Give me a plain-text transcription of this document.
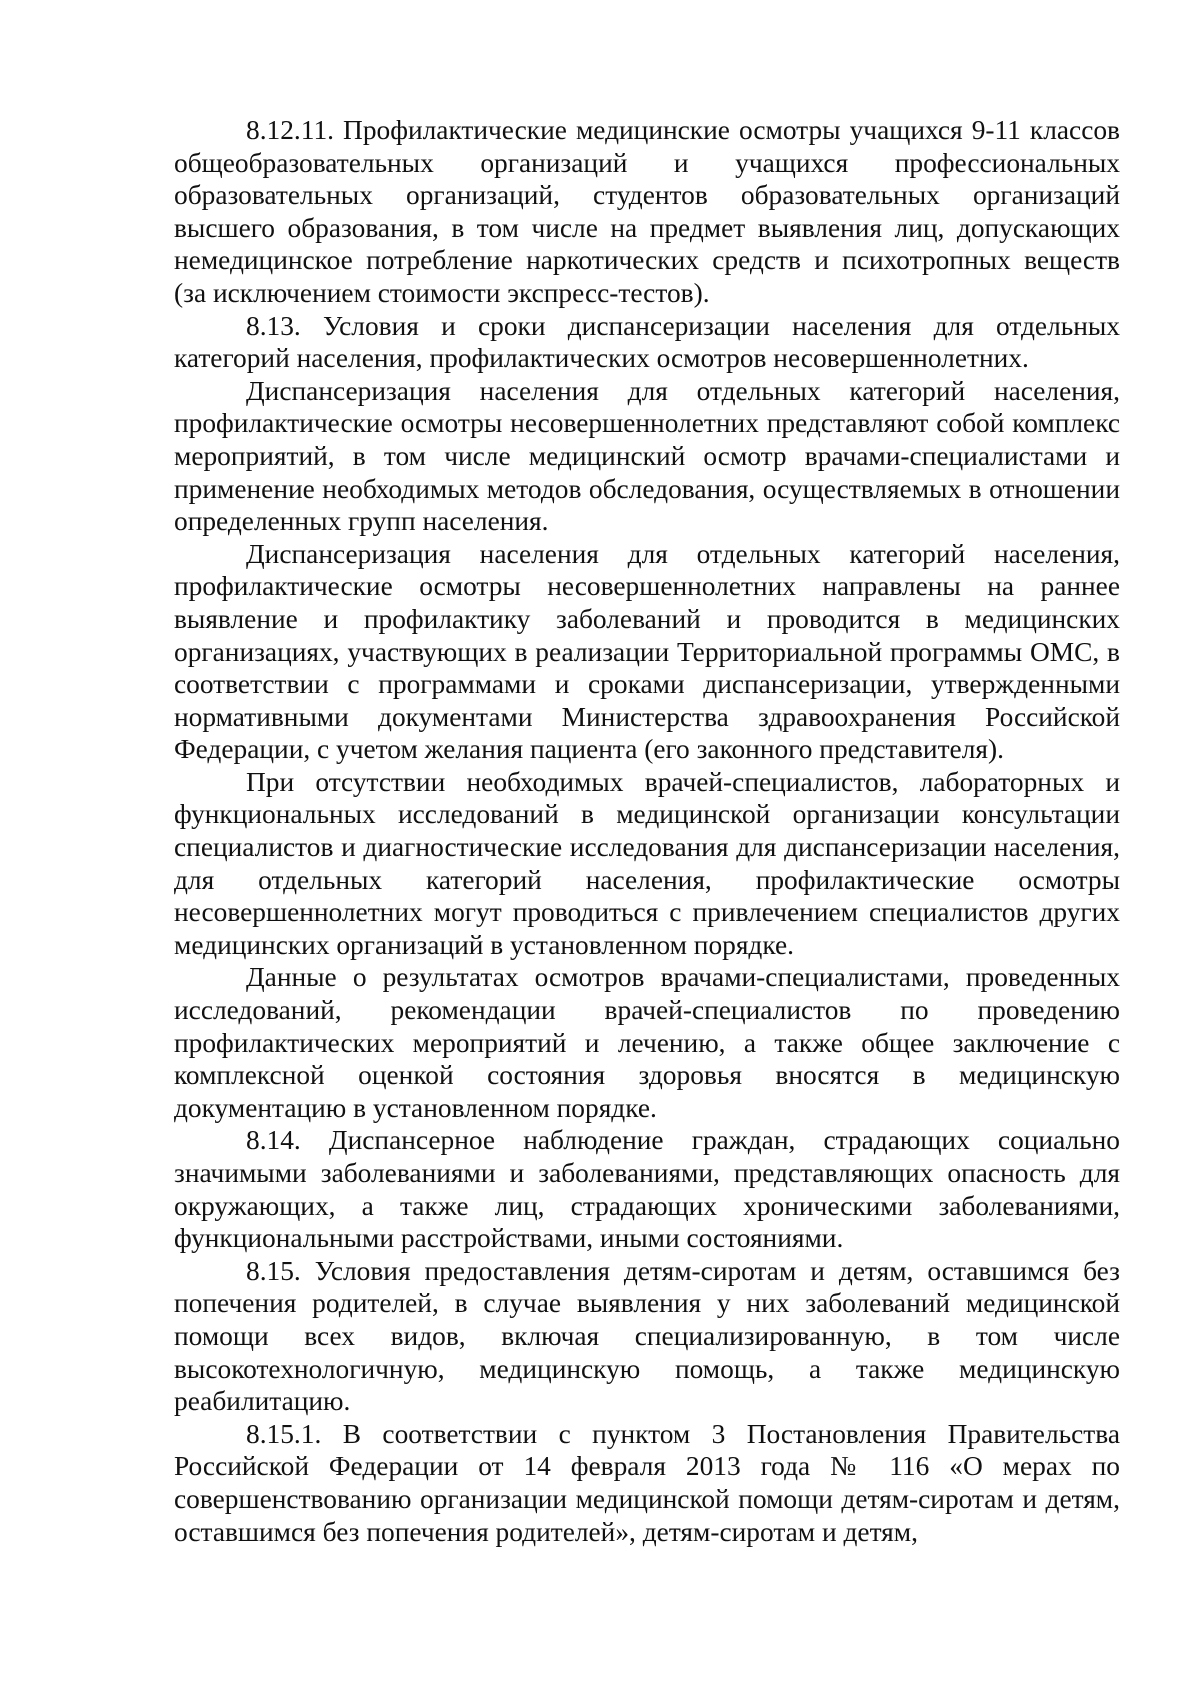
8.12.11. Профилактические медицинские осмотры учащихся 9-11 классов общеобразовательных организаций и учащихся профессиональных образовательных организаций, студентов образовательных организаций высшего образования, в том числе на предмет выявления лиц, допускающих немедицинское потребление наркотических средств и психотропных веществ (за исключением стоимости экспресс-тестов).

8.13. Условия и сроки диспансеризации населения для отдельных категорий населения, профилактических осмотров несовершеннолетних.

Диспансеризация населения для отдельных категорий населения, профилактические осмотры несовершеннолетних представляют собой комплекс мероприятий, в том числе медицинский осмотр врачами-специалистами и применение необходимых методов обследования, осуществляемых в отношении определенных групп населения.

Диспансеризация населения для отдельных категорий населения, профилактические осмотры несовершеннолетних направлены на раннее выявление и профилактику заболеваний и проводится в медицинских организациях, участвующих в реализации Территориальной программы ОМС, в соответствии с программами и сроками диспансеризации, утвержденными нормативными документами Министерства здравоохранения Российской Федерации, с учетом желания пациента (его законного представителя).

При отсутствии необходимых врачей-специалистов, лабораторных и функциональных исследований в медицинской организации консультации специалистов и диагностические исследования для диспансеризации населения, для отдельных категорий населения, профилактические осмотры несовершеннолетних могут проводиться с привлечением специалистов других медицинских организаций в установленном порядке.

Данные о результатах осмотров врачами-специалистами, проведенных исследований, рекомендации врачей-специалистов по проведению профилактических мероприятий и лечению, а также общее заключение с комплексной оценкой состояния здоровья вносятся в медицинскую документацию в установленном порядке.

8.14. Диспансерное наблюдение граждан, страдающих социально значимыми заболеваниями и заболеваниями, представляющих опасность для окружающих, а также лиц, страдающих хроническими заболеваниями, функциональными расстройствами, иными состояниями.

8.15. Условия предоставления детям-сиротам и детям, оставшимся без попечения родителей, в случае выявления у них заболеваний медицинской помощи всех видов, включая специализированную, в том числе высокотехнологичную, медицинскую помощь, а также медицинскую реабилитацию.

8.15.1. В соответствии с пунктом 3 Постановления Правительства Российской Федерации от 14 февраля 2013 года № 116 «О мерах по совершенствованию организации медицинской помощи детям-сиротам и детям, оставшимся без попечения родителей», детям-сиротам и детям,
